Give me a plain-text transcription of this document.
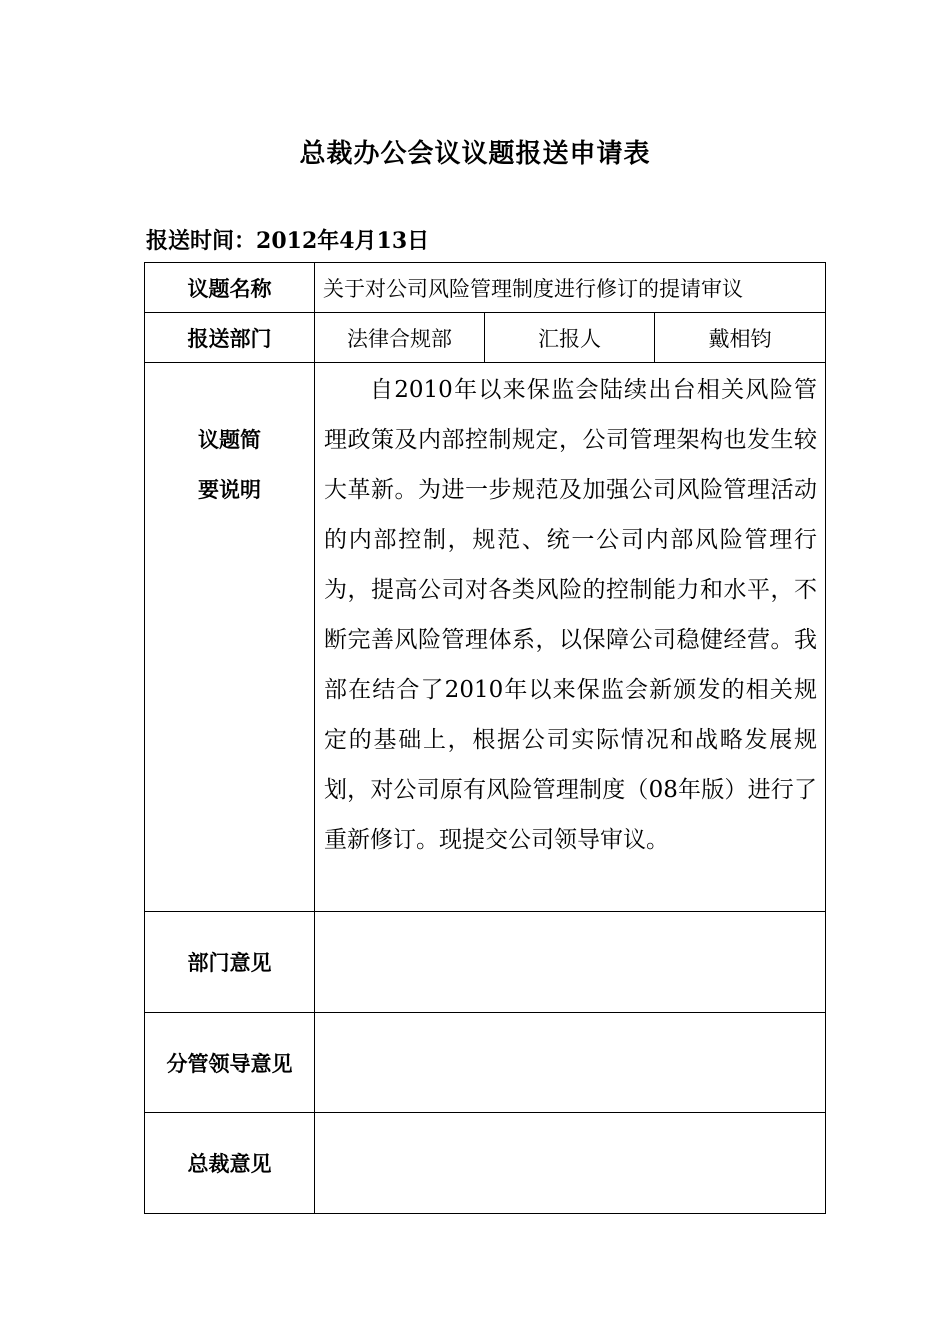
总裁办公会议议题报送申请表
报送时间：2012年4月13日
议题名称	关于对公司风险管理制度进行修订的提请审议		
报送部门	法律合规部	汇报人	戴相钧

议题简
要说明	自2010年以来保监会陆续出台相关风险管理政策及内部控制规定，公司管理架构也发生较大革新。为进一步规范及加强公司风险管理活动的内部控制，规范、统一公司内部风险管理行为，提高公司对各类风险的控制能力和水平，不断完善风险管理体系，以保障公司稳健经营。我部在结合了2010年以来保监会新颁发的相关规定的基础上，根据公司实际情况和战略发展规划，对公司原有风险管理制度（08年版）进行了重新修订。现提交公司领导审议。		
部门意见			
分管领导意见			
总裁意见			
